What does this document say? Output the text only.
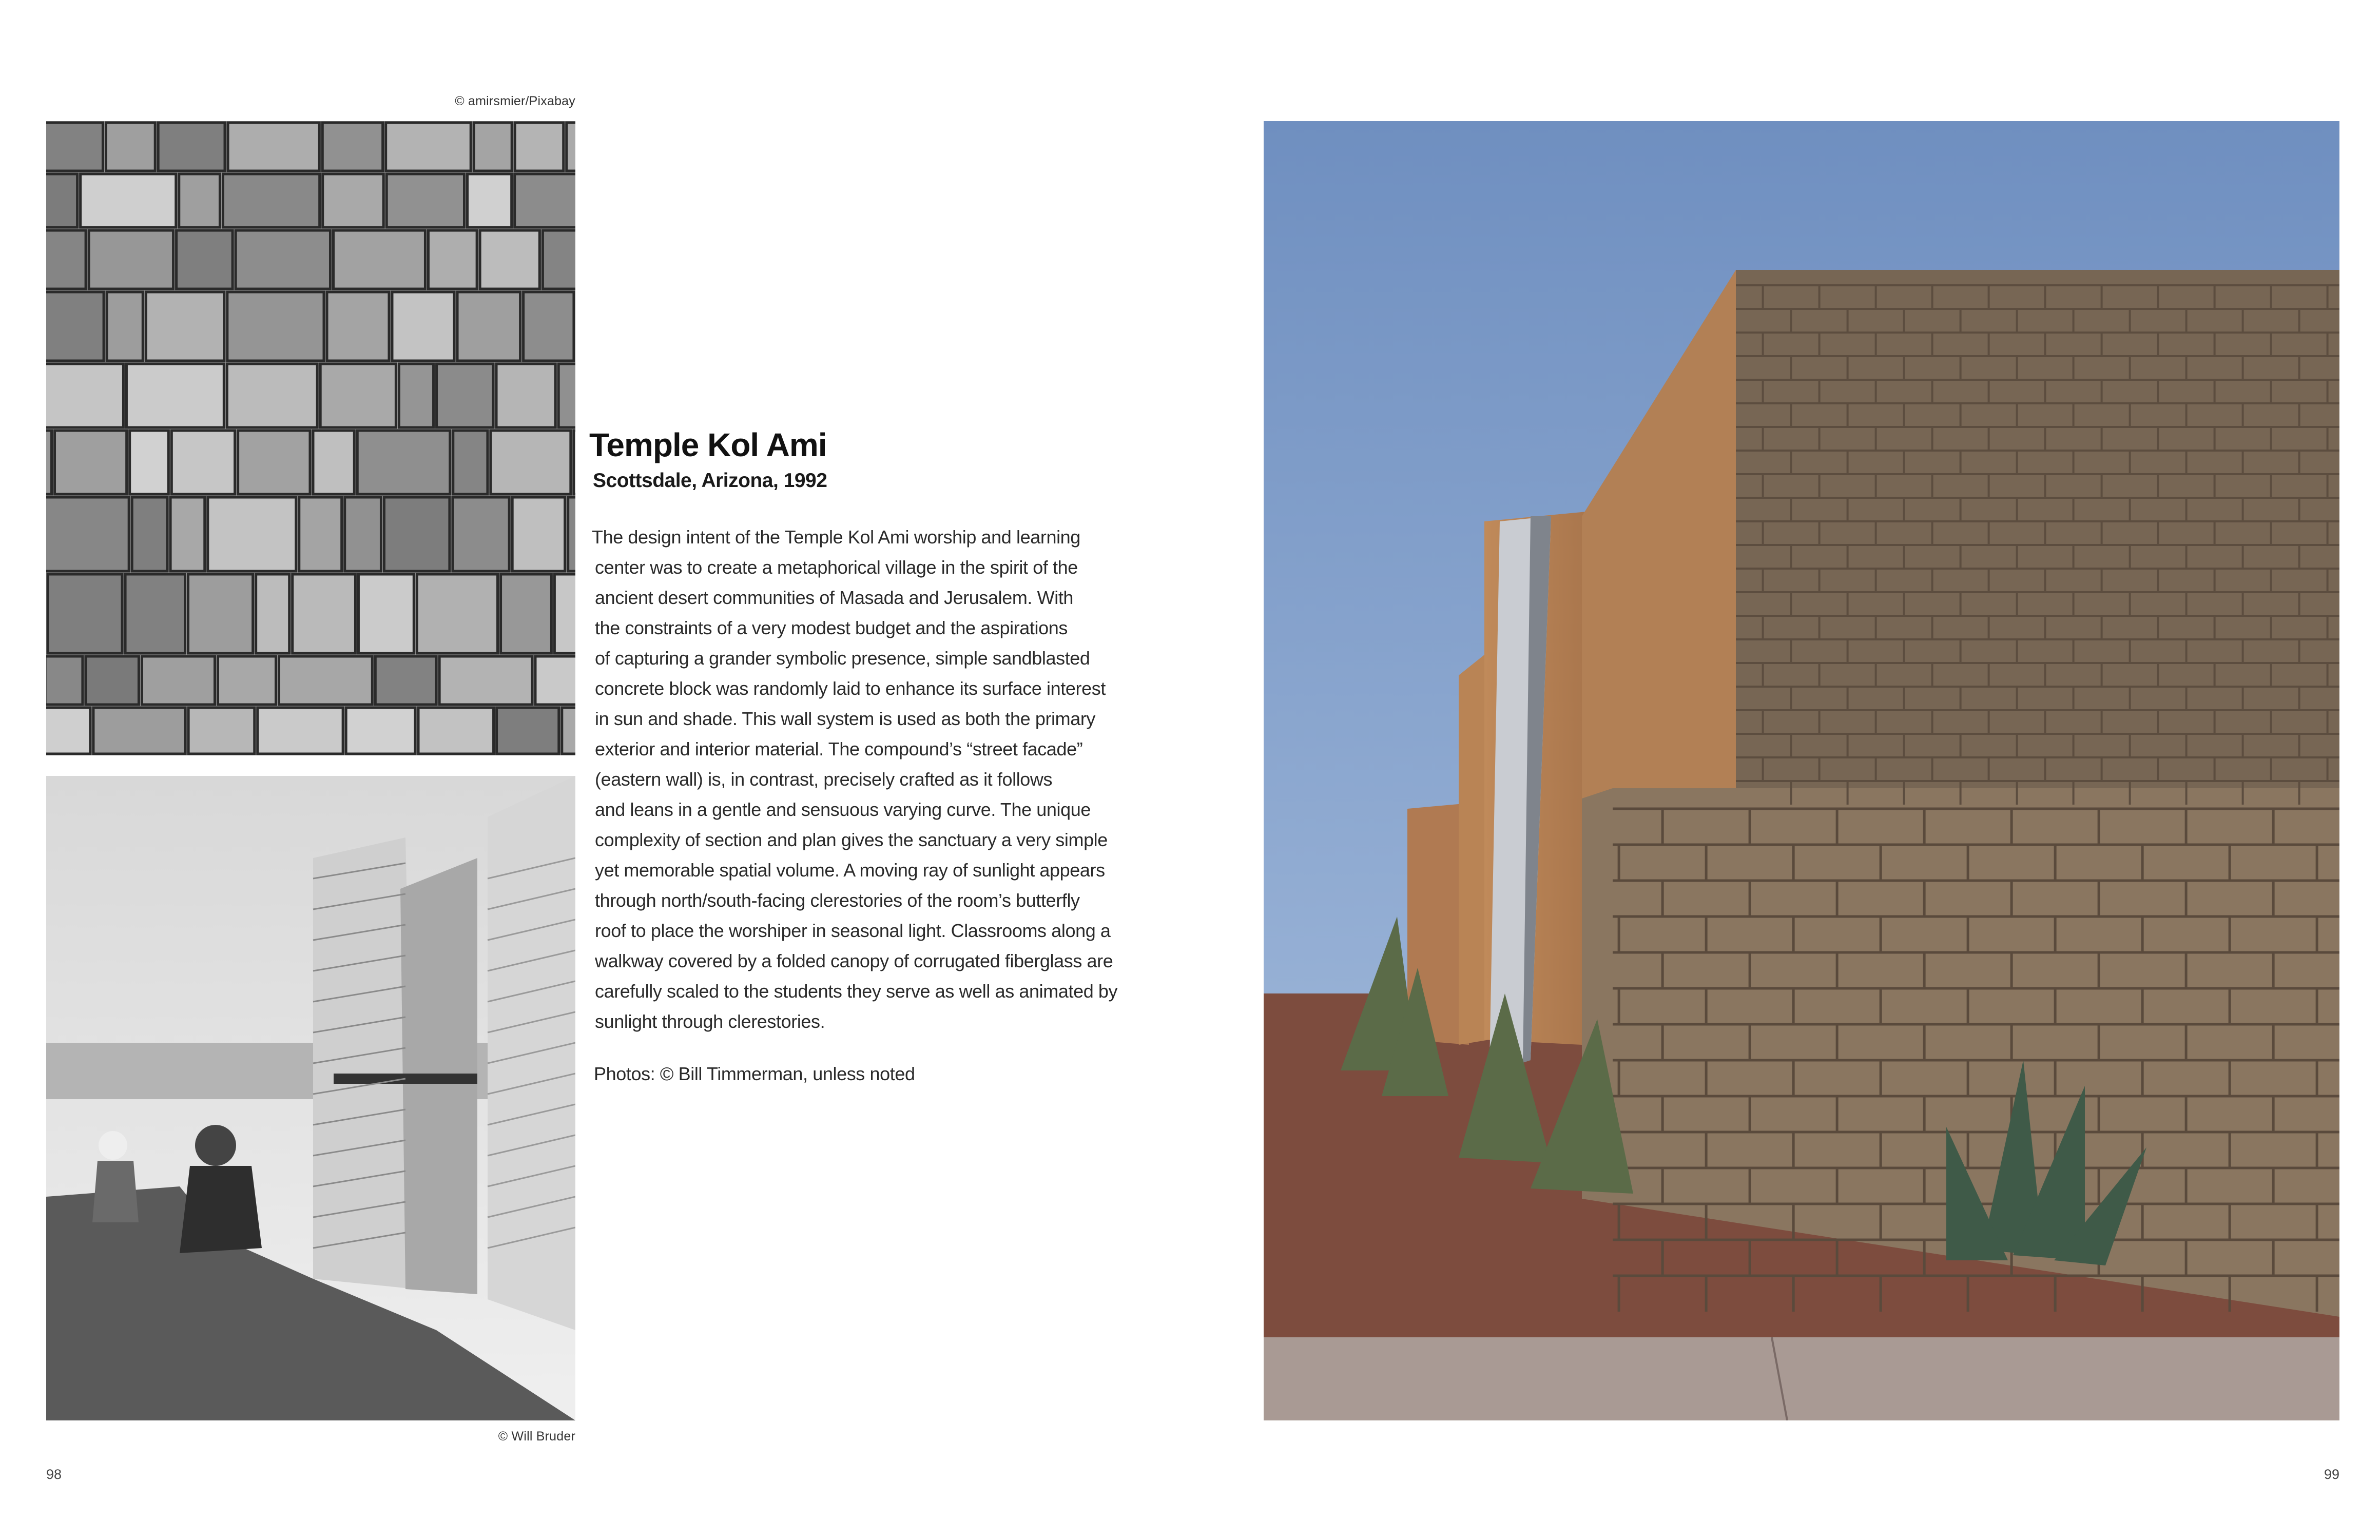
© amirsmier/Pixabay
© Will Bruder
98
Temple Kol Ami
Scottsdale, Arizona, 1992
The design intent of the Temple Kol Ami worship and learning
center was to create a metaphorical village in the spirit of the
ancient desert communities of Masada and Jerusalem. With
the constraints of a very modest budget and the aspirations
of capturing a grander symbolic presence, simple sandblasted
concrete block was randomly laid to enhance its surface interest
in sun and shade. This wall system is used as both the primary
exterior and interior material. The compound’s “street facade”
(eastern wall) is, in contrast, precisely crafted as it follows
and leans in a gentle and sensuous varying curve. The unique
complexity of section and plan gives the sanctuary a very simple
yet memorable spatial volume. A moving ray of sunlight appears
through north/south-facing clerestories of the room’s butterfly
roof to place the worshiper in seasonal light. Classrooms along a
walkway covered by a folded canopy of corrugated fiberglass are
carefully scaled to the students they serve as well as animated by
sunlight through clerestories.
Photos: © Bill Timmerman, unless noted
99
